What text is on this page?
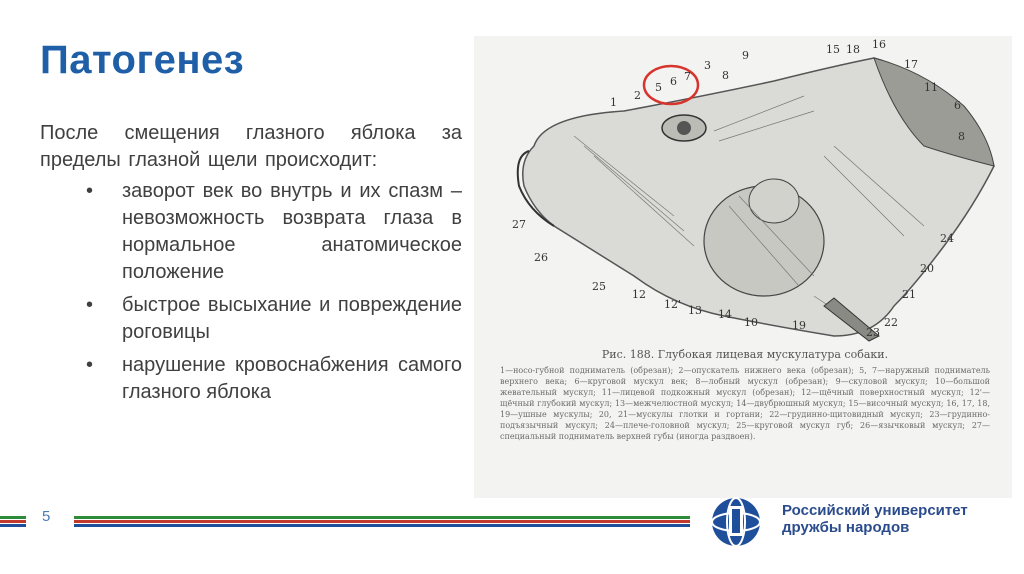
Патогенез
После смещения глазного яблока за пределы глазной щели происходит:
• заворот век во внутрь и их спазм – невозможность возврата глаза в нормальное анатомическое положение
• быстрое высыхание и повреждение роговицы
• нарушение кровоснабжения самого глазного яблока
1
2
5 6 7
3
8
9	15 18 16
17
11
6
8
27
26
25
12
12' 13 14
10	19
23
22
21
20
24
Рис. 188. Глубокая лицевая мускулатура собаки.
1—носо-губной подниматель (обрезан); 2—опускатель нижнего века (обрезан); 5, 7—наружный подниматель верхнего века; 6—круговой мускул век; 8—лобный мускул (обрезан); 9—скуловой мускул; 10—большой жевательный мускул; 11—лицевой подкожный мускул (обрезан); 12—щёчный поверхностный мускул; 12'—щёчный глубокий мускул; 13—межчелюстной мускул; 14—двубрюшный мускул; 15—височный мускул; 16, 17, 18, 19—ушные мускулы; 20, 21—мускулы глотки и гортани; 22—грудинно-щитовидный мускул; 23—грудинно-подъязычный мускул; 24—плече-головной мускул; 25—круговой мускул губ; 26—язычковый мускул; 27—специальный подниматель верхней губы (иногда раздвоен).
5	Российский университет
дружбы народов
